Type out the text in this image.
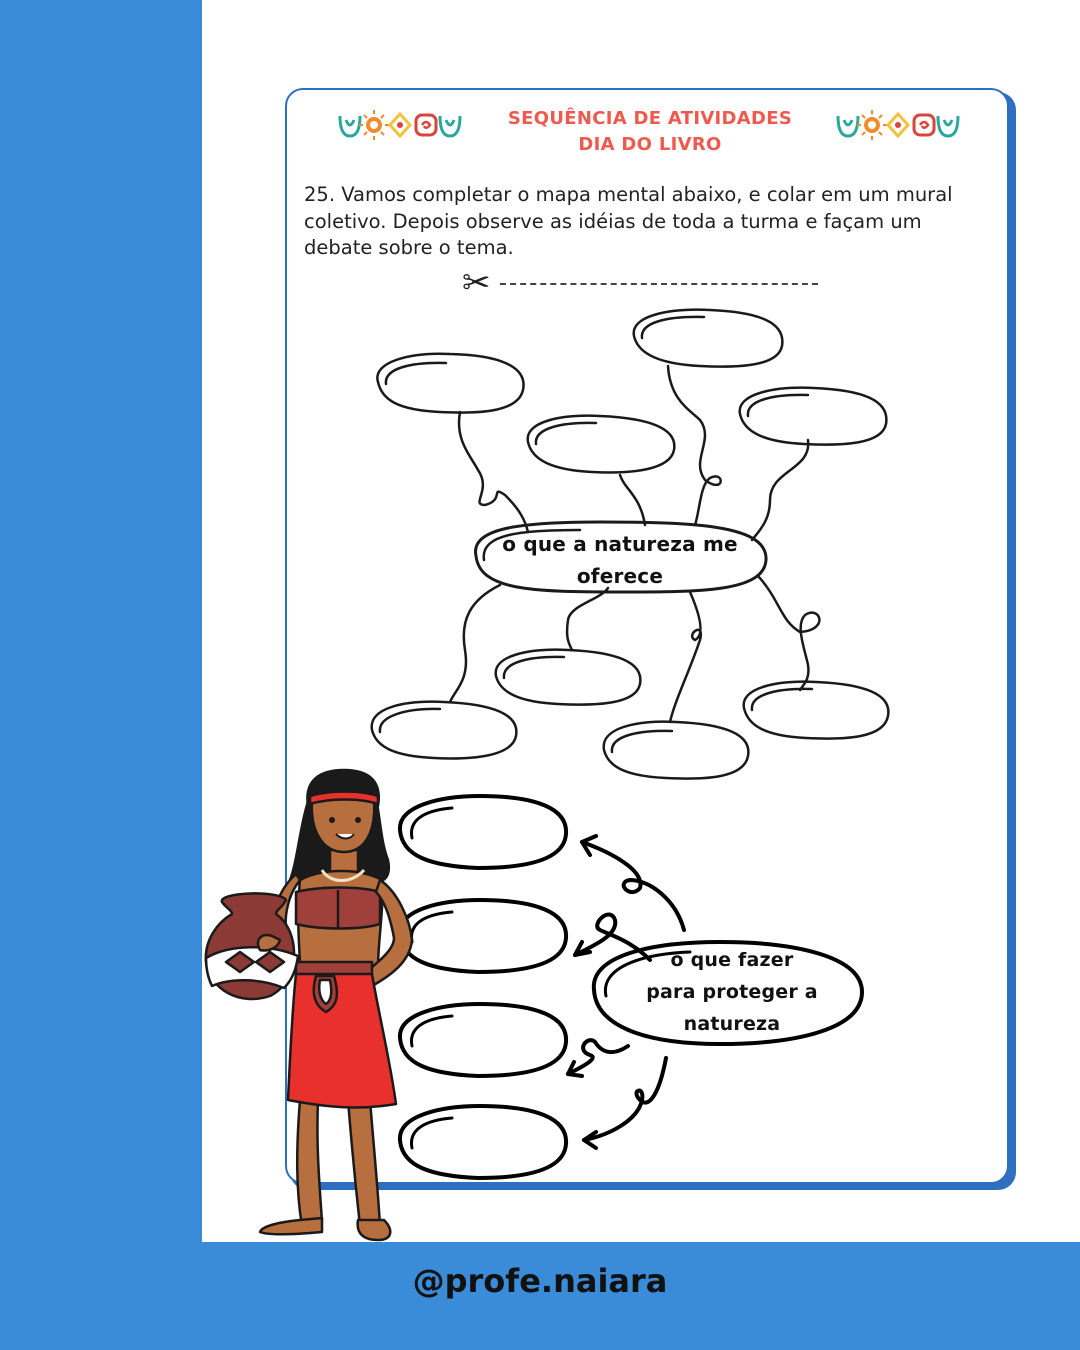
SEQUÊNCIA DE ATIVIDADES
DIA DO LIVRO
25. Vamos completar o mapa mental abaixo, e colar em um mural coletivo. Depois observe as idéias de toda a turma e façam um debate sobre o tema.
✂
o que a natureza me
oferece
o que fazer
para proteger a
natureza
@profe.naiara
